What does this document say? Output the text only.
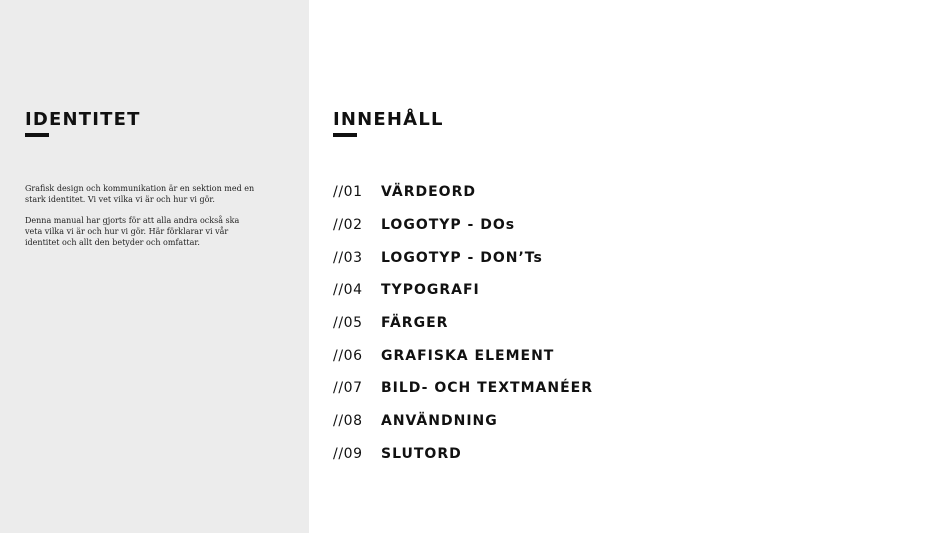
IDENTITET

Grafisk design och kommunikation är en sektion med en stark identitet. Vi vet vilka vi är och hur vi gör.

Denna manual har gjorts för att alla andra också ska veta vilka vi är och hur vi gör. Här förklarar vi vår identitet och allt den betyder och omfattar.

INNEHÅLL
//01	VÄRDEORD
//02	LOGOTYP - DOs
//03	LOGOTYP - DON’Ts
//04	TYPOGRAFI
//05	FÄRGER
//06	GRAFISKA ELEMENT
//07	BILD- OCH TEXTMANÉER
//08	ANVÄNDNING
//09	SLUTORD
